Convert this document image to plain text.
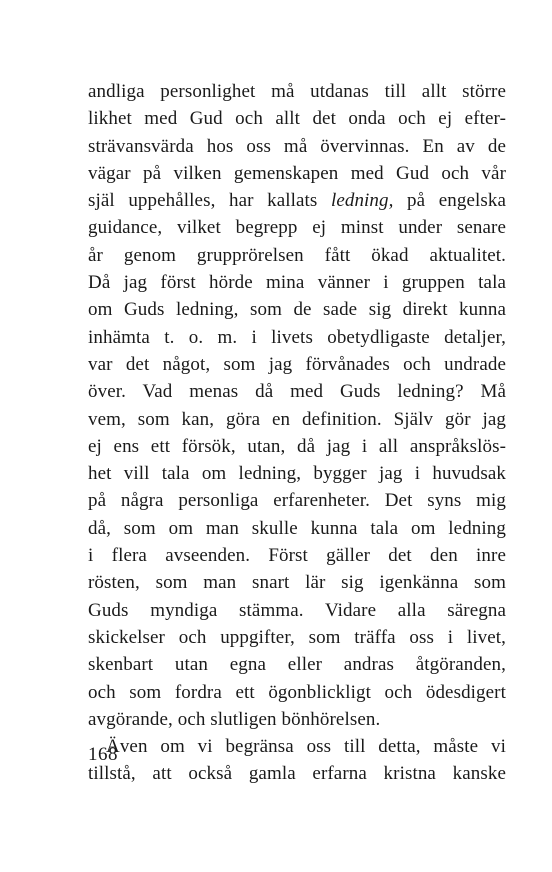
andliga personlighet må utdanas till allt större
likhet med Gud och allt det onda och ej efter-
strävansvärda hos oss må övervinnas. En av de
vägar på vilken gemenskapen med Gud och vår
själ uppehålles, har kallats ledning, på engelska
guidance, vilket begrepp ej minst under senare
år genom grupprörelsen fått ökad aktualitet.
Då jag först hörde mina vänner i gruppen tala
om Guds ledning, som de sade sig direkt kunna
inhämta t. o. m. i livets obetydligaste detaljer,
var det något, som jag förvånades och undrade
över. Vad menas då med Guds ledning? Må
vem, som kan, göra en definition. Själv gör jag
ej ens ett försök, utan, då jag i all anspråkslös-
het vill tala om ledning, bygger jag i huvudsak
på några personliga erfarenheter. Det syns mig
då, som om man skulle kunna tala om ledning
i flera avseenden. Först gäller det den inre
rösten, som man snart lär sig igenkänna som
Guds myndiga stämma. Vidare alla säregna
skickelser och uppgifter, som träffa oss i livet,
skenbart utan egna eller andras åtgöranden,
och som fordra ett ögonblickligt och ödesdigert
avgörande, och slutligen bönhörelsen.
Även om vi begränsa oss till detta, måste vi
tillstå, att också gamla erfarna kristna kanske
168
